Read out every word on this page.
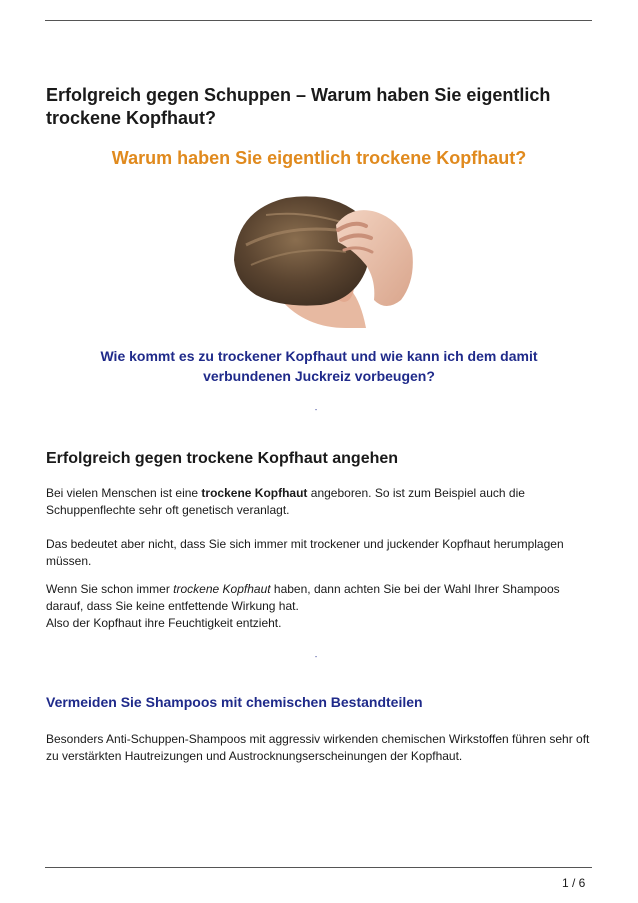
Erfolgreich gegen Schuppen – Warum haben Sie eigentlich trockene Kopfhaut?
Warum haben Sie eigentlich trockene Kopfhaut?
Wie kommt es zu trockener Kopfhaut und wie kann ich dem damit verbundenen Juckreiz vorbeugen?
-
Erfolgreich gegen trockene Kopfhaut angehen
Bei vielen Menschen ist eine trockene Kopfhaut angeboren. So ist zum Beispiel auch die Schuppenflechte sehr oft genetisch veranlagt.
Das bedeutet aber nicht, dass Sie sich immer mit trockener und juckender Kopfhaut herumplagen müssen.
Wenn Sie schon immer trockene Kopfhaut haben, dann achten Sie bei der Wahl Ihrer Shampoos darauf, dass Sie keine entfettende Wirkung hat.
Also der Kopfhaut ihre Feuchtigkeit entzieht.
-
Vermeiden Sie Shampoos mit chemischen Bestandteilen
Besonders Anti-Schuppen-Shampoos mit aggressiv wirkenden chemischen Wirkstoffen führen sehr oft zu verstärkten Hautreizungen und Austrocknungserscheinungen der Kopfhaut.
1 / 6
